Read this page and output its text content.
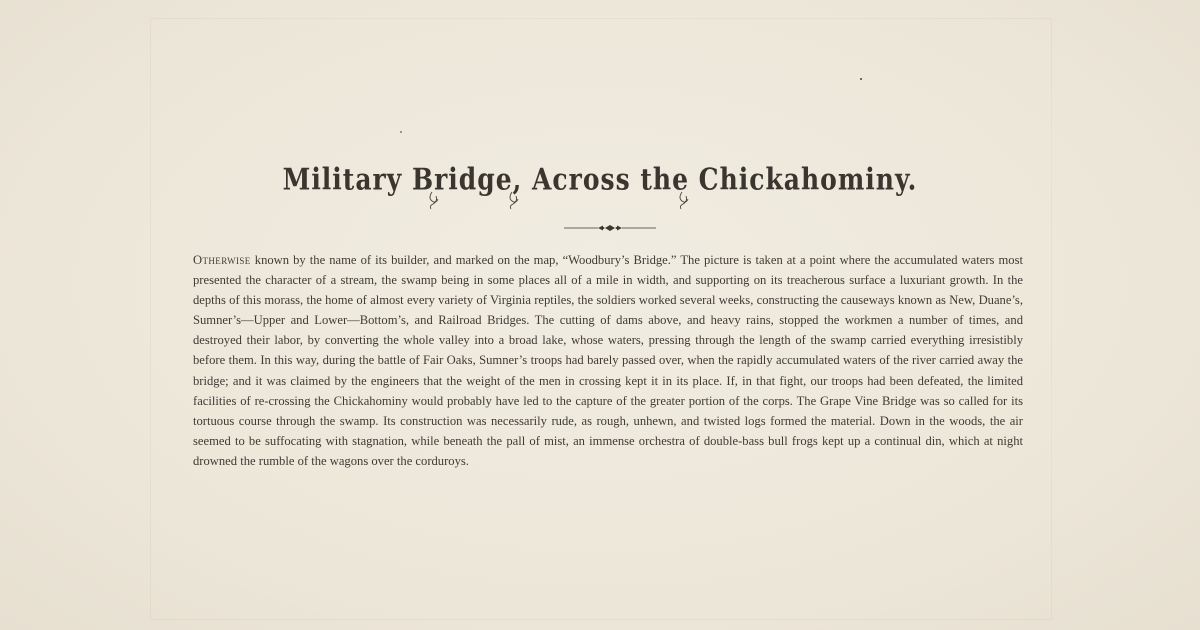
Military Bridge, Across the Chickahominy.

Otherwise known by the name of its builder, and marked on the map, “Woodbury’s Bridge.” The picture is taken at a point where the accumulated waters most presented the character of a stream, the swamp being in some places all of a mile in width, and supporting on its treacherous surface a luxuriant growth. In the depths of this morass, the home of almost every variety of Virginia reptiles, the soldiers worked several weeks, constructing the causeways known as New, Duane’s, Sumner’s—Upper and Lower—Bottom’s, and Railroad Bridges. The cutting of dams above, and heavy rains, stopped the workmen a number of times, and destroyed their labor, by converting the whole valley into a broad lake, whose waters, pressing through the length of the swamp carried everything irresistibly before them. In this way, during the battle of Fair Oaks, Sumner’s troops had barely passed over, when the rapidly accumulated waters of the river carried away the bridge; and it was claimed by the engineers that the weight of the men in crossing kept it in its place. If, in that fight, our troops had been defeated, the limited facilities of re-crossing the Chickahominy would probably have led to the capture of the greater portion of the corps. The Grape Vine Bridge was so called for its tortuous course through the swamp. Its construction was necessarily rude, as rough, unhewn, and twisted logs formed the material. Down in the woods, the air seemed to be suffocating with stagnation, while beneath the pall of mist, an immense orchestra of double-bass bull frogs kept up a continual din, which at night drowned the rumble of the wagons over the corduroys.
